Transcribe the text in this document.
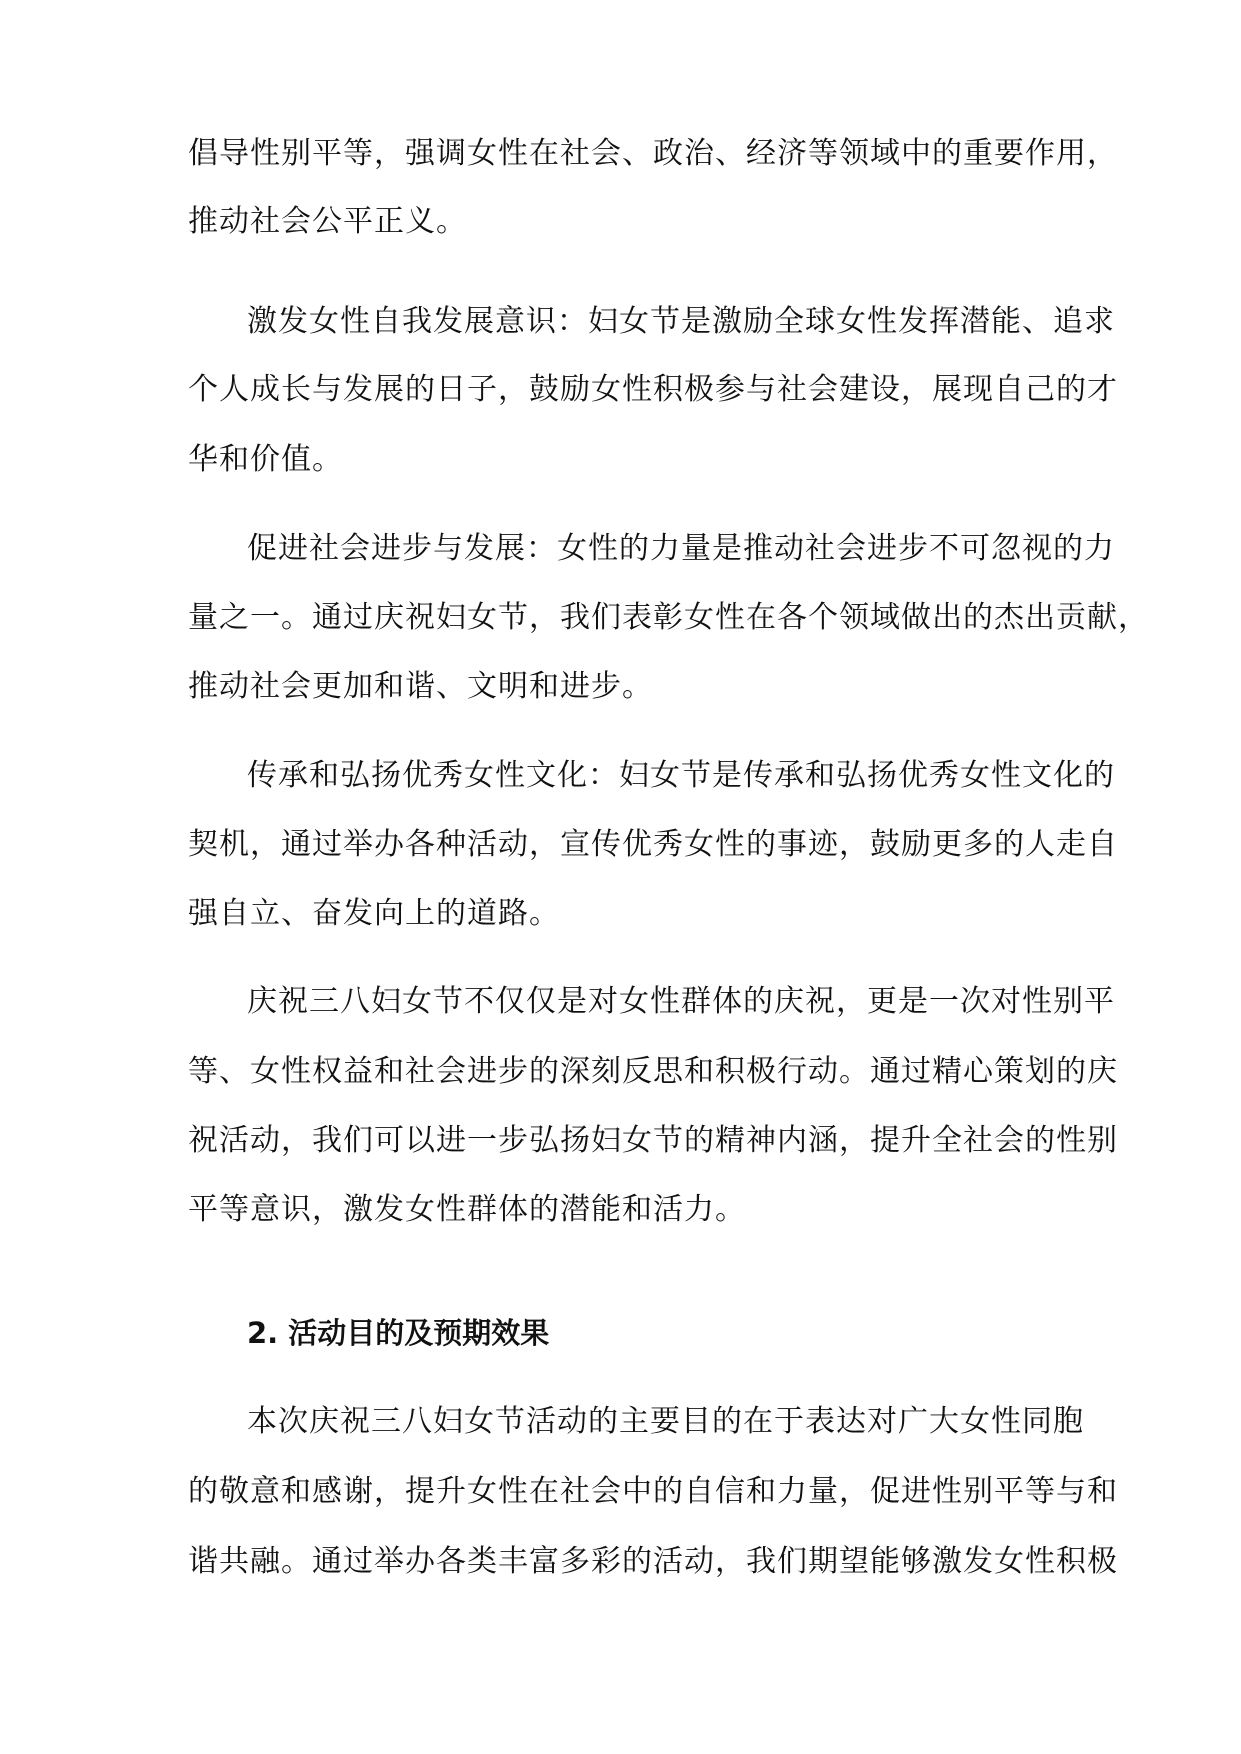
倡导性别平等，强调女性在社会、政治、经济等领域中的重要作用，
推动社会公平正义。
激发女性自我发展意识：妇女节是激励全球女性发挥潜能、追求
个人成长与发展的日子，鼓励女性积极参与社会建设，展现自己的才
华和价值。
促进社会进步与发展：女性的力量是推动社会进步不可忽视的力
量之一。通过庆祝妇女节，我们表彰女性在各个领域做出的杰出贡献，
推动社会更加和谐、文明和进步。
传承和弘扬优秀女性文化：妇女节是传承和弘扬优秀女性文化的
契机，通过举办各种活动，宣传优秀女性的事迹，鼓励更多的人走自
强自立、奋发向上的道路。
庆祝三八妇女节不仅仅是对女性群体的庆祝，更是一次对性别平
等、女性权益和社会进步的深刻反思和积极行动。通过精心策划的庆
祝活动，我们可以进一步弘扬妇女节的精神内涵，提升全社会的性别
平等意识，激发女性群体的潜能和活力。
2. 活动目的及预期效果
本次庆祝三八妇女节活动的主要目的在于表达对广大女性同胞
的敬意和感谢，提升女性在社会中的自信和力量，促进性别平等与和
谐共融。通过举办各类丰富多彩的活动，我们期望能够激发女性积极
